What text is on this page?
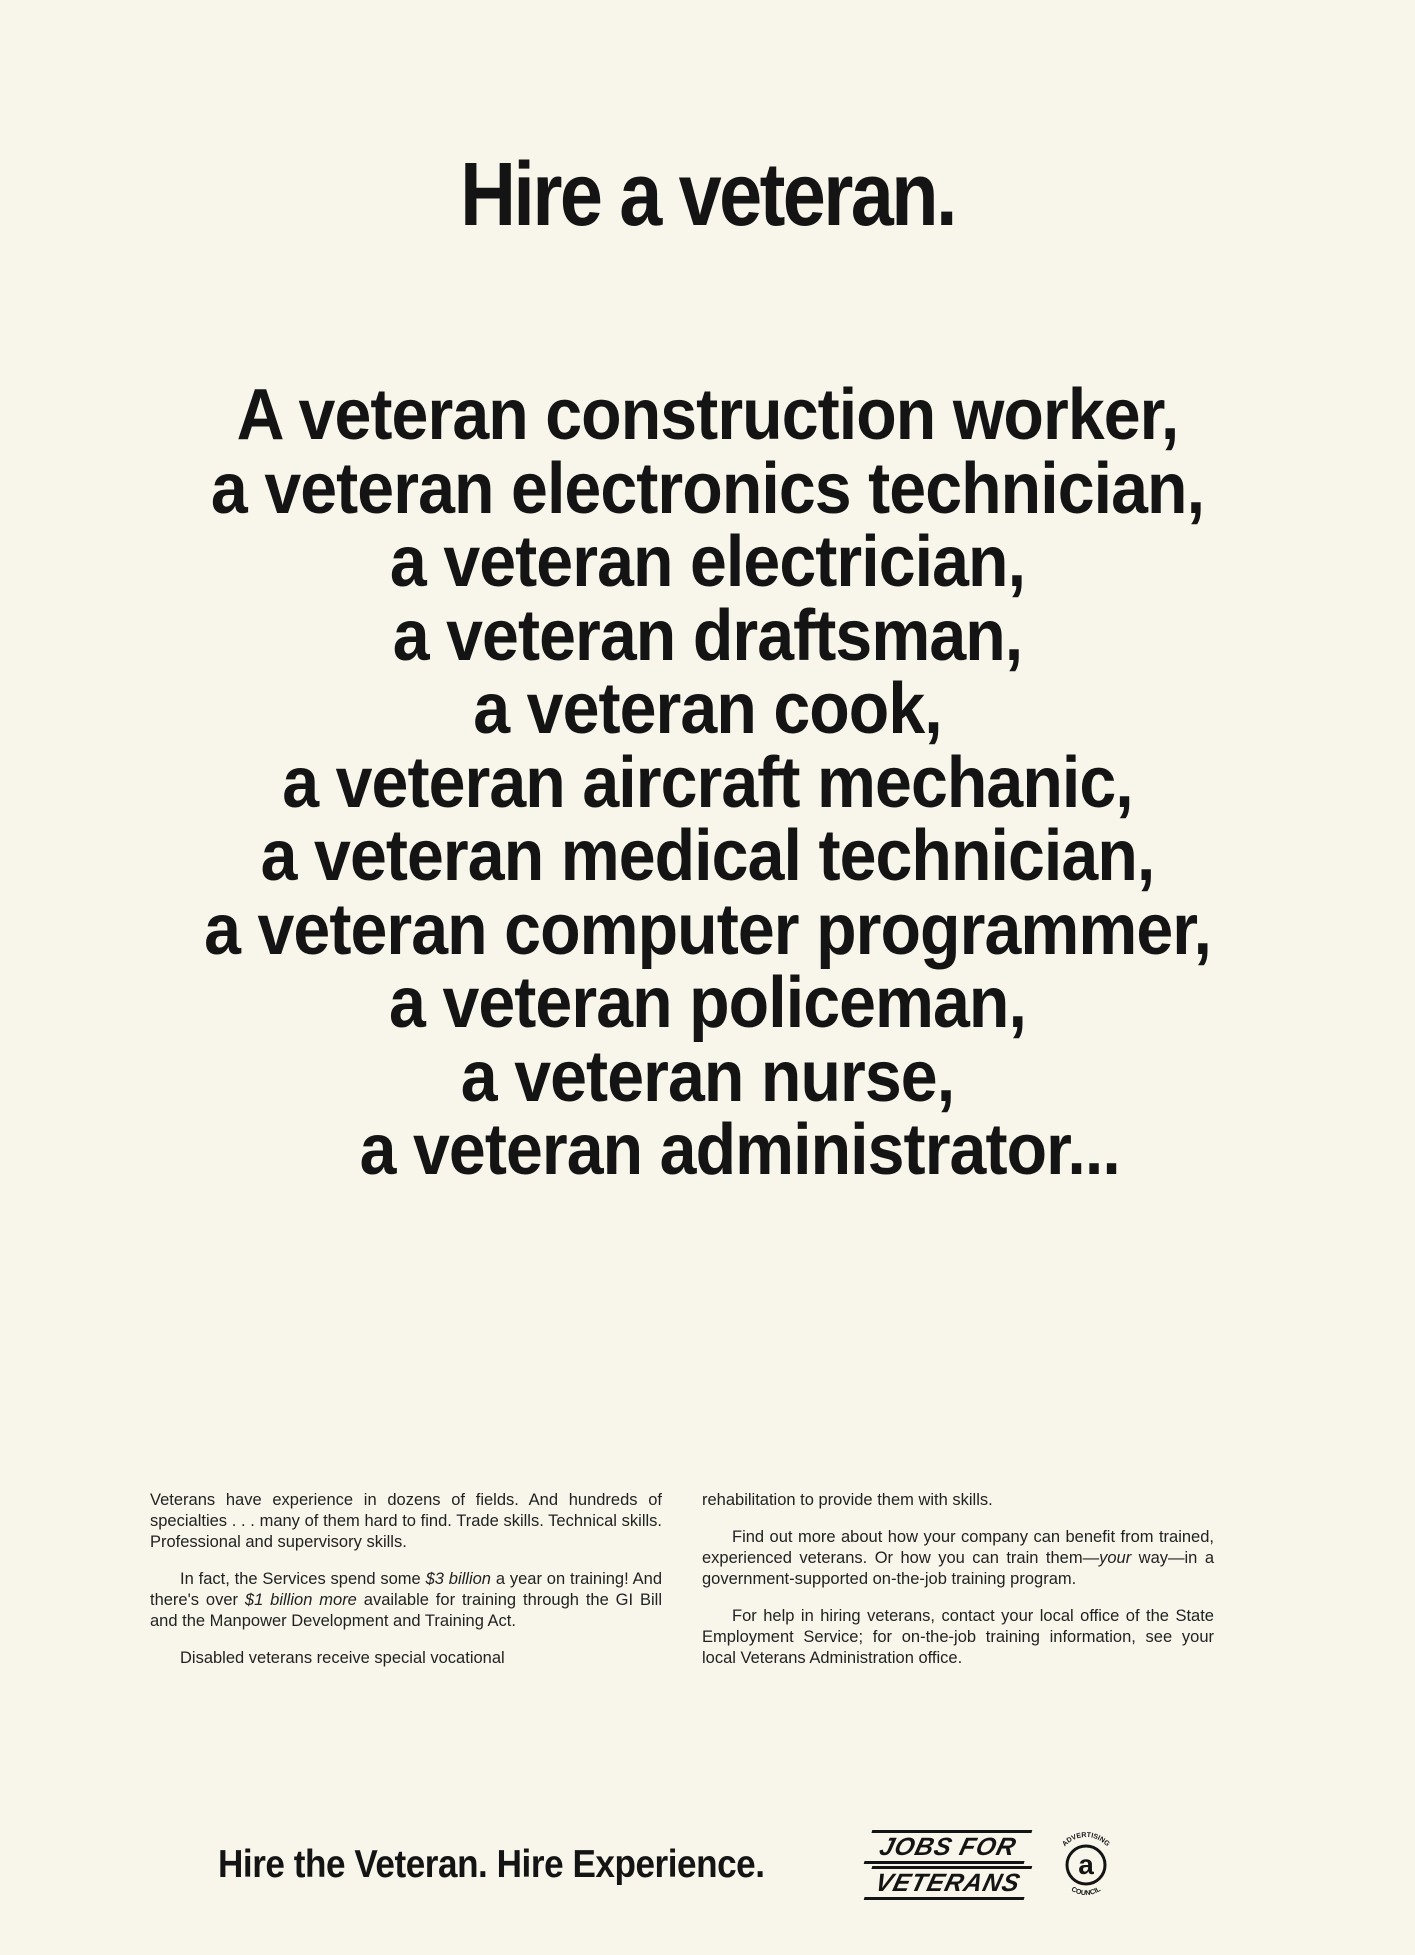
Hire a veteran.
A veteran construction worker,
a veteran electronics technician,
a veteran electrician,
a veteran draftsman,
a veteran cook,
a veteran aircraft mechanic,
a veteran medical technician,
a veteran computer programmer,
a veteran policeman,
a veteran nurse,
a veteran administrator...

Veterans have experience in dozens of fields. And hundreds of specialties . . . many of them hard to find. Trade skills. Technical skills. Professional and supervisory skills.

In fact, the Services spend some $3 billion a year on training! And there's over $1 billion more available for training through the GI Bill and the Manpower Development and Training Act.

Disabled veterans receive special vocational

rehabilitation to provide them with skills.

Find out more about how your company can benefit from trained, experienced veterans. Or how you can train them—your way—in a government-supported on-the-job training program.

For help in hiring veterans, contact your local office of the State Employment Service; for on-the-job training information, see your local Veterans Administration office.

Hire the Veteran. Hire Experience.	JOBS FOR
VETERANS
a
ADVERTISING
COUNCIL
